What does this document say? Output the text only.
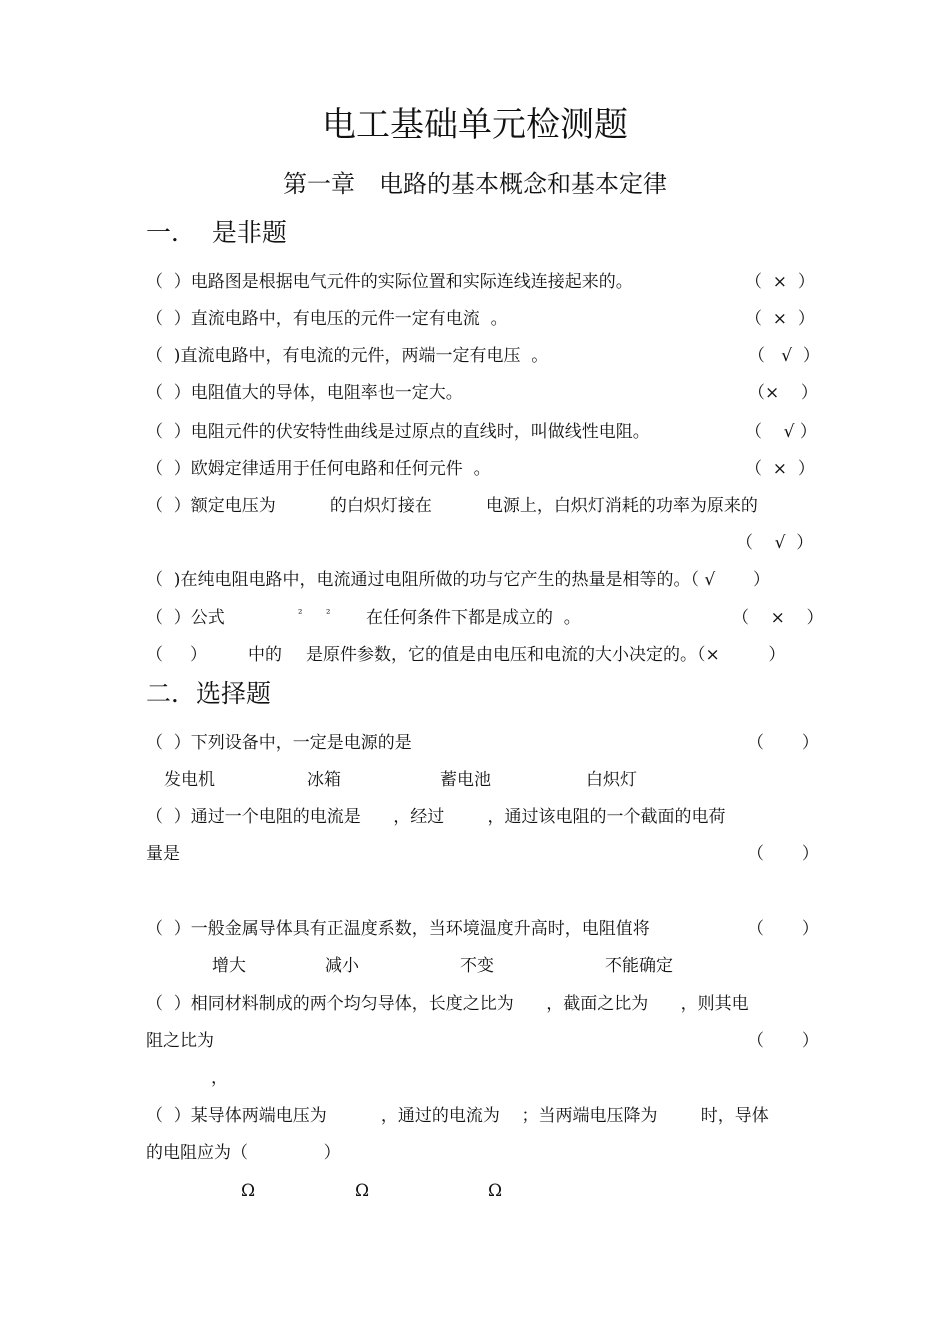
电工基础单元检测题
第一章　电路的基本概念和基本定律
一．  是非题
（  ）电路图是根据电气元件的实际位置和实际连线连接起来的。	（  ×  ）
（  ）直流电路中，有电压的元件一定有电流  。	（  ×  ）
（  )直流电路中，有电流的元件，两端一定有电压  。	（   √  ）
（  ）电阻值大的导体，电阻率也一定大。	（×    ）
（  ）电阻元件的伏安特性曲线是过原点的直线时，叫做线性电阻。	（    √ ）
（  ）欧姆定律适用于任何电路和任何元件  。	（  ×  ）
（  ）额定电压为          的白炽灯接在          电源上，白炽灯消耗的功率为原来的
（    √  ）
（  )在纯电阻电路中，电流通过电阻所做的功与它产生的热量是相等的。（ √       ）
（  ）公式	² ² 在任何条件下都是成立的  。	（    ×    ）
（     ） 中的 是原件参数，它的值是由电压和电流的大小决定的。（×         ）
二．选择题
（  ）下列设备中，一定是电源的是	（       ）
发电机	冰箱	蓄电池	白炽灯
（  ）通过一个电阻的电流是      ，经过        ，通过该电阻的一个截面的电荷
量是	（       ）
（  ）一般金属导体具有正温度系数，当环境温度升高时，电阻值将	（       ）
增大	减小	不变	不能确定
（  ）相同材料制成的两个均匀导体，长度之比为      ，截面之比为      ，则其电
阻之比为	（       ）
，
（  ）某导体两端电压为          ，通过的电流为    ；当两端电压降为        时，导体
的电阻应为（              ）
Ω	Ω	Ω
